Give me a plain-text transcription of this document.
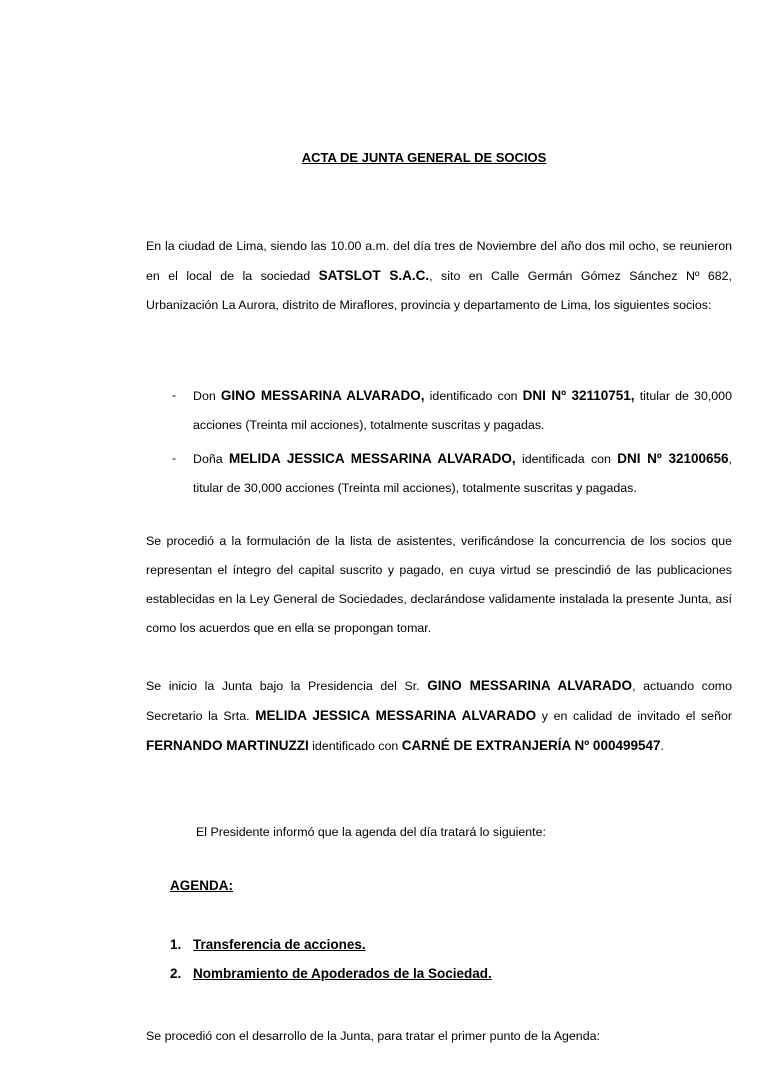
ACTA DE JUNTA GENERAL DE SOCIOS

En la ciudad de Lima, siendo las 10.00 a.m. del día tres de Noviembre del año dos mil ocho, se reunieron en el local de la sociedad SATSLOT S.A.C., sito en Calle Germán Gómez Sánchez Nº 682, Urbanización La Aurora, distrito de Miraflores, provincia y departamento de Lima, los siguientes socios:

- Don GINO MESSARINA ALVARADO, identificado con DNI Nº 32110751, titular de 30,000 acciones (Treinta mil acciones), totalmente suscritas y pagadas.
- Doña MELIDA JESSICA MESSARINA ALVARADO, identificada con DNI Nº 32100656, titular de 30,000 acciones (Treinta mil acciones), totalmente suscritas y pagadas.

Se procedió a la formulación de la lista de asistentes, verificándose la concurrencia de los socios que representan el íntegro del capital suscrito y pagado, en cuya virtud se prescindió de las publicaciones establecidas en la Ley General de Sociedades, declarándose validamente instalada la presente Junta, así como los acuerdos que en ella se propongan tomar.

Se inicio la Junta bajo la Presidencia del Sr. GINO MESSARINA ALVARADO, actuando como Secretario la Srta. MELIDA JESSICA MESSARINA ALVARADO y en calidad de invitado el señor FERNANDO MARTINUZZI identificado con CARNÉ DE EXTRANJERÍA Nº 000499547.

El Presidente informó que la agenda del día tratará lo siguiente:

AGENDA:
1. Transferencia de acciones.
2. Nombramiento de Apoderados de la Sociedad.

Se procedió con el desarrollo de la Junta, para tratar el primer punto de la Agenda:
